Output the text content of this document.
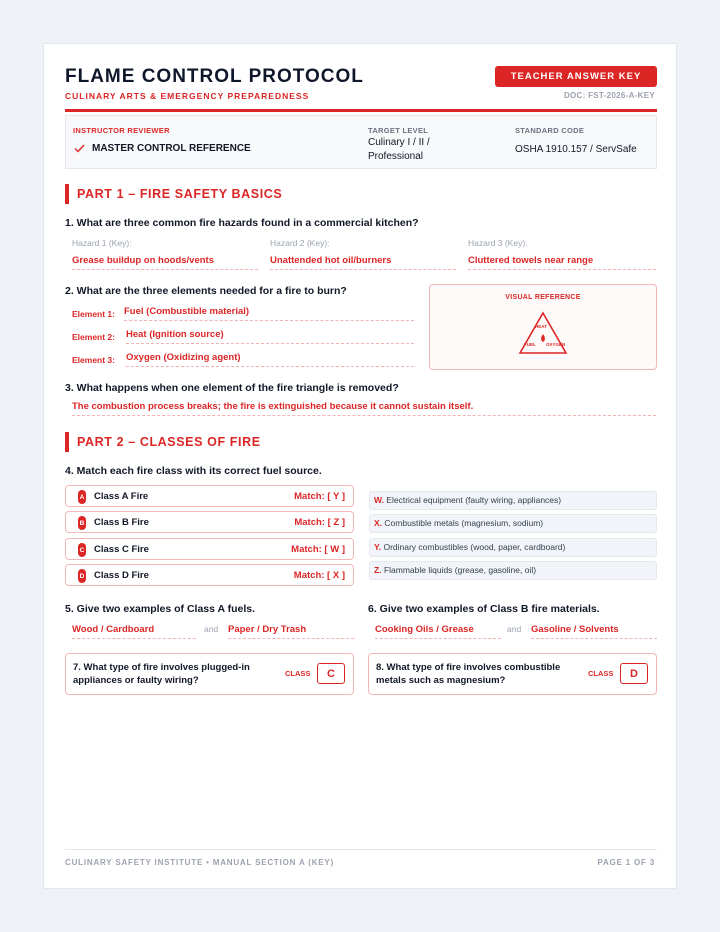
FLAME CONTROL PROTOCOL
CULINARY ARTS & EMERGENCY PREPAREDNESS
TEACHER ANSWER KEY
DOC: FST-2026-A-KEY
INSTRUCTOR REVIEWER
MASTER CONTROL REFERENCE
TARGET LEVEL
Culinary I / II / Professional
STANDARD CODE
OSHA 1910.157 / ServSafe
PART 1 – FIRE SAFETY BASICS
1. What are three common fire hazards found in a commercial kitchen?
Hazard 1 (Key):
Grease buildup on hoods/vents
Hazard 2 (Key):
Unattended hot oil/burners
Hazard 3 (Key):
Cluttered towels near range
2. What are the three elements needed for a fire to burn?
Element 1: Fuel (Combustible material)
Element 2: Heat (Ignition source)
Element 3: Oxygen (Oxidizing agent)
VISUAL REFERENCE
HEAT
FUEL OXYGEN
3. What happens when one element of the fire triangle is removed?
The combustion process breaks; the fire is extinguished because it cannot sustain itself.
PART 2 – CLASSES OF FIRE
4. Match each fire class with its correct fuel source.
A Class A Fire	Match: [ Y ]
B Class B Fire	Match: [ Z ]
C Class C Fire	Match: [ W ]
D Class D Fire	Match: [ X ]
W. Electrical equipment (faulty wiring, appliances)
X. Combustible metals (magnesium, sodium)
Y. Ordinary combustibles (wood, paper, cardboard)
Z. Flammable liquids (grease, gasoline, oil)
5. Give two examples of Class A fuels.
Wood / Cardboard	and Paper / Dry Trash
6. Give two examples of Class B fire materials.
Cooking Oils / Grease	and Gasoline / Solvents
7. What type of fire involves plugged-in appliances or faulty wiring?
CLASS	C	8. What type of fire involves combustible metals such as magnesium?
CLASS	D
CULINARY SAFETY INSTITUTE • MANUAL SECTION A (KEY)	PAGE 1 OF 3
